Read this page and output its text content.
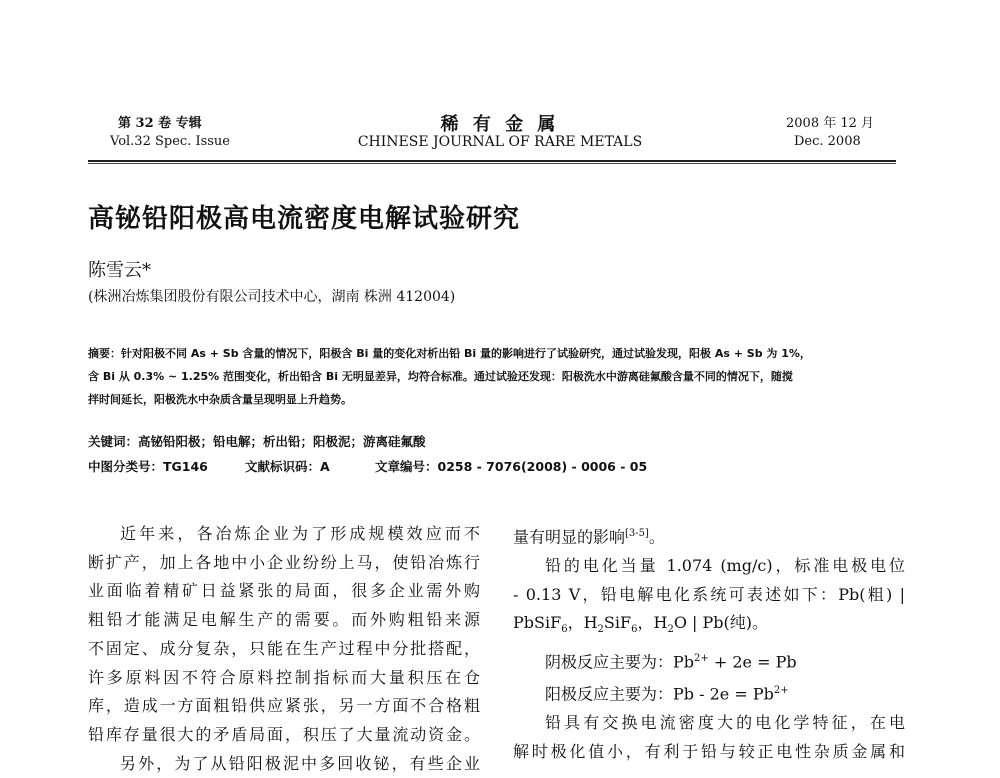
第 32 卷 专辑
Vol.32 Spec. Issue
稀 有 金 属
CHINESE JOURNAL OF RARE METALS
2008 年 12 月
Dec. 2008
高铋铅阳极高电流密度电解试验研究
陈雪云*
(株洲冶炼集团股份有限公司技术中心，湖南 株洲 412004)
摘要：针对阳极不同 As + Sb 含量的情况下，阳极含 Bi 量的变化对析出铅 Bi 量的影响进行了试验研究，通过试验发现，阳极 As + Sb 为 1%，
含 Bi 从 0.3% ~ 1.25% 范围变化，析出铅含 Bi 无明显差异，均符合标准。通过试验还发现：阳极洗水中游离硅氟酸含量不同的情况下，随搅
拌时间延长，阳极洗水中杂质含量呈现明显上升趋势。
关键词：高铋铅阳极；铅电解；析出铅；阳极泥；游离硅氟酸
中图分类号：TG146	文献标识码：A	文章编号：0258 - 7076(2008) - 0006 - 05
近年来，各冶炼企业为了形成规模效应而不
断扩产，加上各地中小企业纷纷上马，使铅冶炼行
业面临着精矿日益紧张的局面，很多企业需外购
粗铅才能满足电解生产的需要。而外购粗铅来源
不固定、成分复杂，只能在生产过程中分批搭配，
许多原料因不符合原料控制指标而大量积压在仓
库，造成一方面粗铅供应紧张，另一方面不合格粗
铅库存量很大的矛盾局面，积压了大量流动资金。
另外，为了从铅阳极泥中多回收铋，有些企业
量有明显的影响[3-5]。
铅的电化当量 1.074 (mg/c)，标准电极电位
- 0.13 V，铅电解电化系统可表述如下：Pb(粗) |
PbSiF$_6$，$H_2SiF_6$，$H_2O$ | Pb(纯)。
阴极反应主要为：$Pb^{2+} + 2e = Pb$
阳极反应主要为：$Pb - 2e = Pb^{2+}$
铅具有交换电流密度大的电化学特征，在电
解时极化值小，有利于铅与较正电性杂质金属和
